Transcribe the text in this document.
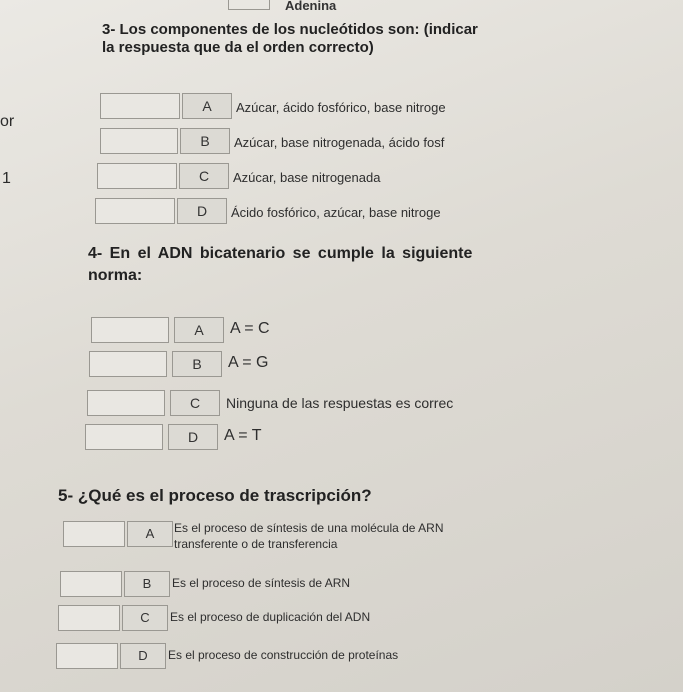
Adenina
or
1
3- Los componentes de los nucleótidos son: (indicar
la respuesta que da el orden correcto)
A	Azúcar, ácido fosfórico, base nitroge
B	Azúcar, base nitrogenada, ácido fosf
C	Azúcar, base nitrogenada
D	Ácido fosfórico, azúcar, base nitroge
4- En el ADN bicatenario se cumple la siguiente
norma:
A	A = C
B	A = G
C	Ninguna de las respuestas es correc
D	A = T
5- ¿Qué es el proceso de trascripción?
A	Es el proceso de síntesis de una molécula de ARN
transferente o de transferencia
B	Es el proceso de síntesis de ARN
C	Es el proceso de duplicación del ADN
D	Es el proceso de construcción de proteínas
